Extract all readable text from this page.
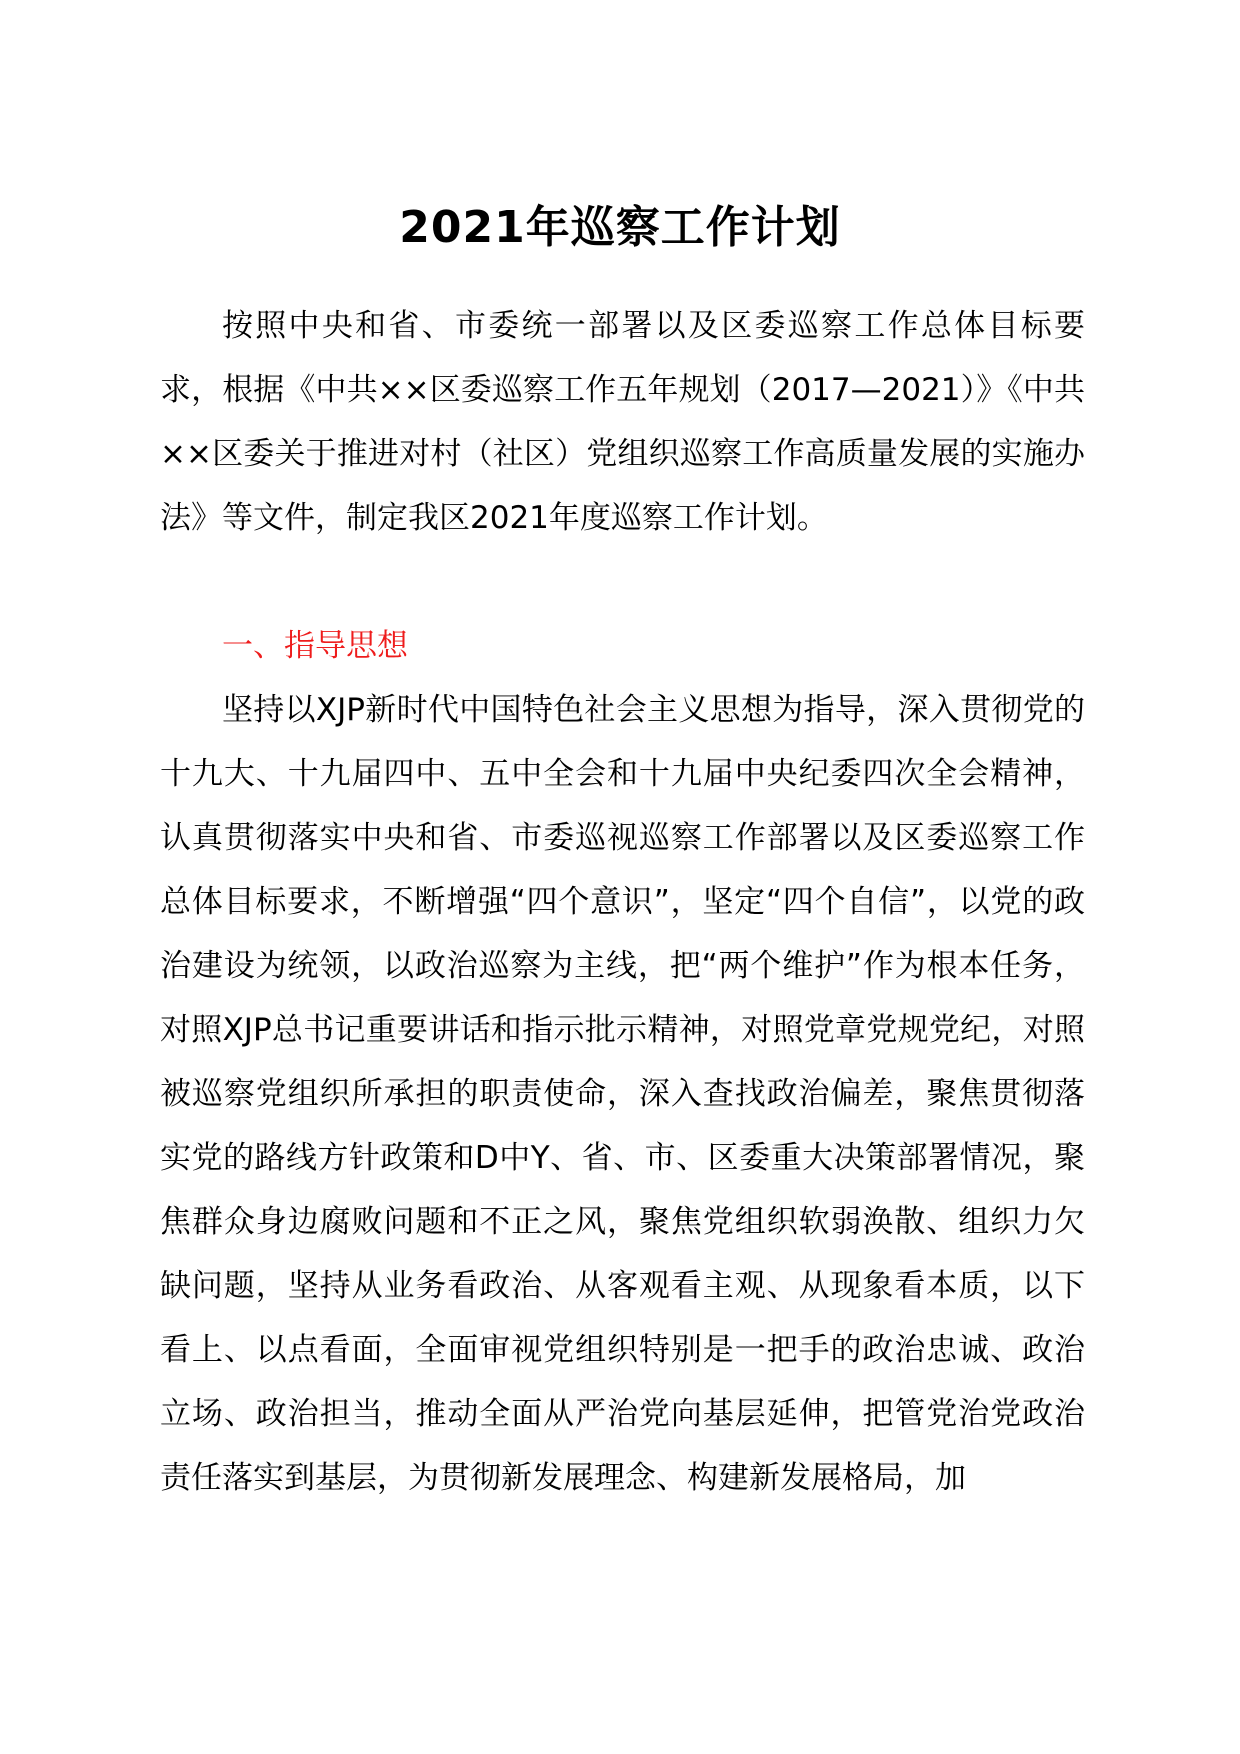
2021年巡察工作计划

按照中央和省、市委统一部署以及区委巡察工作总体目标要求，根据《中共××区委巡察工作五年规划（2017—2021）》《中共××区委关于推进对村（社区）党组织巡察工作高质量发展的实施办法》等文件，制定我区2021年度巡察工作计划。

一、指导思想

坚持以XJP新时代中国特色社会主义思想为指导，深入贯彻党的十九大、十九届四中、五中全会和十九届中央纪委四次全会精神，认真贯彻落实中央和省、市委巡视巡察工作部署以及区委巡察工作总体目标要求，不断增强“四个意识”，坚定“四个自信”，以党的政治建设为统领，以政治巡察为主线，把“两个维护”作为根本任务，对照XJP总书记重要讲话和指示批示精神，对照党章党规党纪，对照被巡察党组织所承担的职责使命，深入查找政治偏差，聚焦贯彻落实党的路线方针政策和D中Y、省、市、区委重大决策部署情况，聚焦群众身边腐败问题和不正之风，聚焦党组织软弱涣散、组织力欠缺问题，坚持从业务看政治、从客观看主观、从现象看本质，以下看上、以点看面，全面审视党组织特别是一把手的政治忠诚、政治立场、政治担当，推动全面从严治党向基层延伸，把管党治党政治责任落实到基层，为贯彻新发展理念、构建新发展格局，加
